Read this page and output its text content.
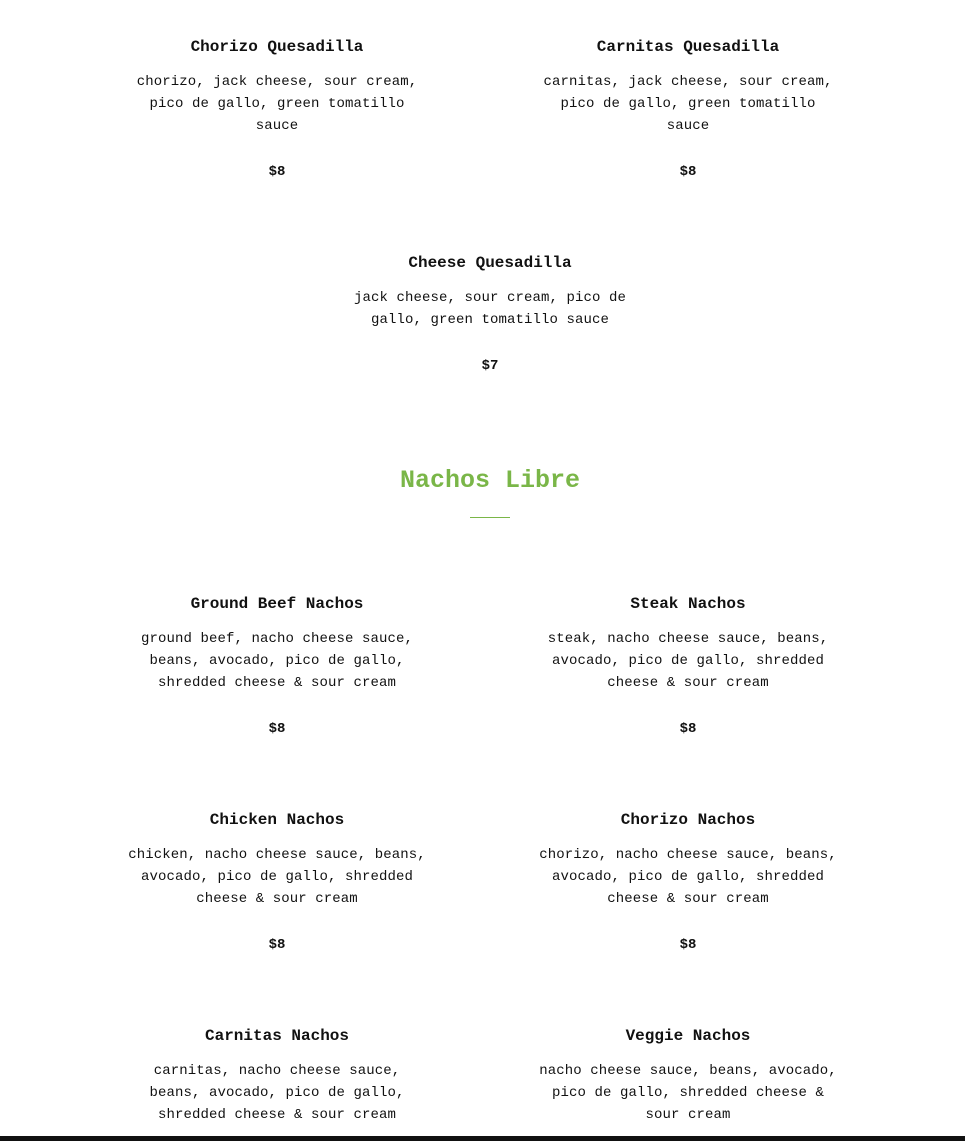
Chorizo Quesadilla
chorizo, jack cheese, sour cream,
pico de gallo, green tomatillo
sauce
$8
Carnitas Quesadilla
carnitas, jack cheese, sour cream,
pico de gallo, green tomatillo
sauce
$8
Cheese Quesadilla
jack cheese, sour cream, pico de
gallo, green tomatillo sauce
$7
Nachos Libre
Ground Beef Nachos
ground beef, nacho cheese sauce,
beans, avocado, pico de gallo,
shredded cheese & sour cream
$8
Steak Nachos
steak, nacho cheese sauce, beans,
avocado, pico de gallo, shredded
cheese & sour cream
$8
Chicken Nachos
chicken, nacho cheese sauce, beans,
avocado, pico de gallo, shredded
cheese & sour cream
$8
Chorizo Nachos
chorizo, nacho cheese sauce, beans,
avocado, pico de gallo, shredded
cheese & sour cream
$8
Carnitas Nachos
carnitas, nacho cheese sauce,
beans, avocado, pico de gallo,
shredded cheese & sour cream
Veggie Nachos
nacho cheese sauce, beans, avocado,
pico de gallo, shredded cheese &
sour cream
